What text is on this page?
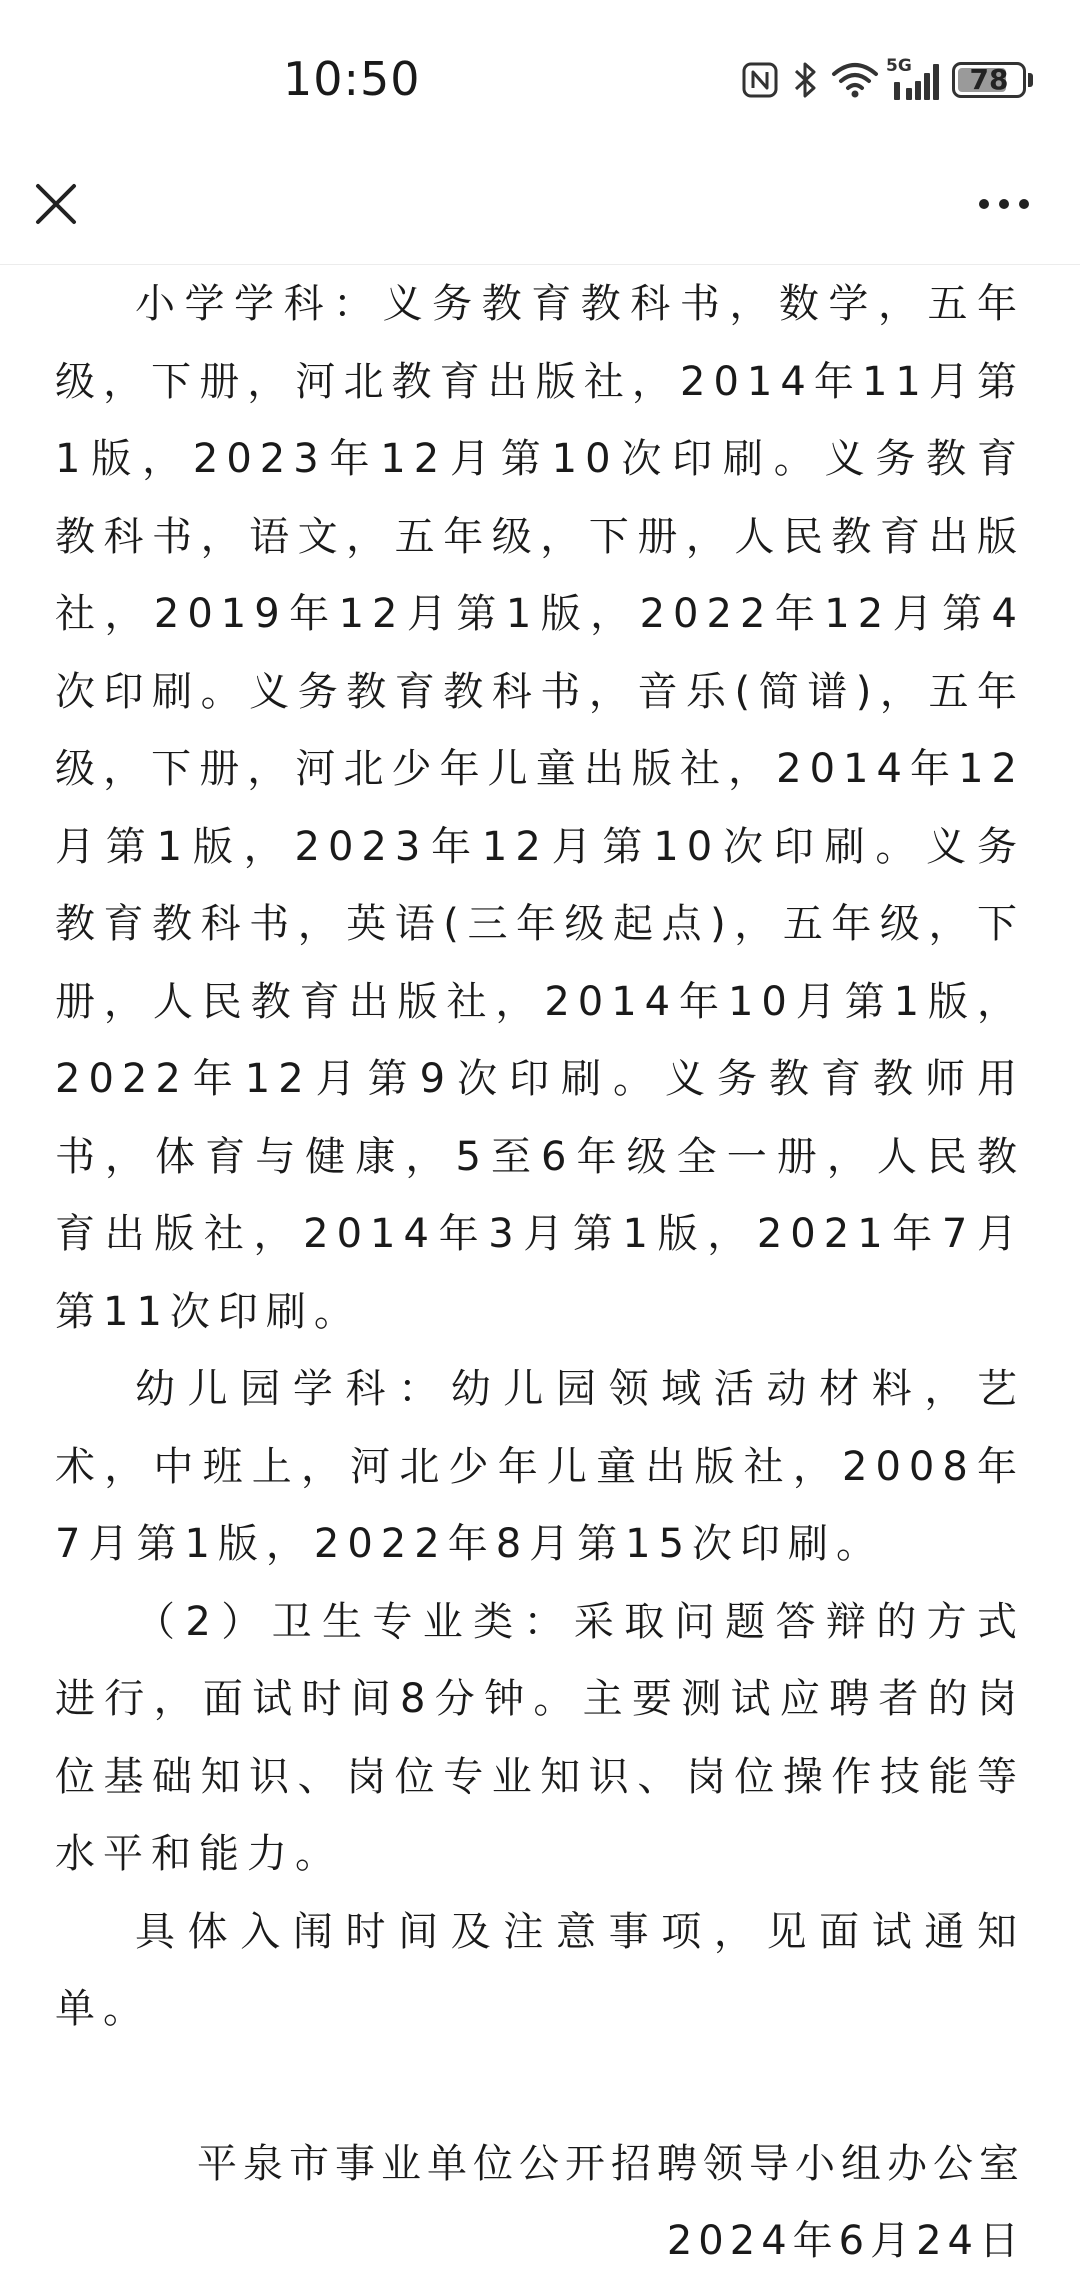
10:50	5G 78

小学学科：义务教育教科书，数学，五年级，下册，河北教育出版社，2014年11月第1版，2023年12月第10次印刷。义务教育教科书，语文，五年级，下册，人民教育出版社，2019年12月第1版，2022年12月第4次印刷。义务教育教科书，音乐(简谱)，五年级，下册，河北少年儿童出版社，2014年12月第1版，2023年12月第10次印刷。义务教育教科书，英语(三年级起点)，五年级，下册，人民教育出版社，2014年10月第1版，2022年12月第9次印刷。义务教育教师用书，体育与健康，5至6年级全一册，人民教育出版社，2014年3月第1版，2021年7月第11次印刷。

幼儿园学科：幼儿园领域活动材料，艺术，中班上，河北少年儿童出版社，2008年7月第1版，2022年8月第15次印刷。

（2）卫生专业类：采取问题答辩的方式进行，面试时间8分钟。主要测试应聘者的岗位基础知识、岗位专业知识、岗位操作技能等水平和能力。

具体入闱时间及注意事项，见面试通知单。

平泉市事业单位公开招聘领导小组办公室

2024年6月24日
